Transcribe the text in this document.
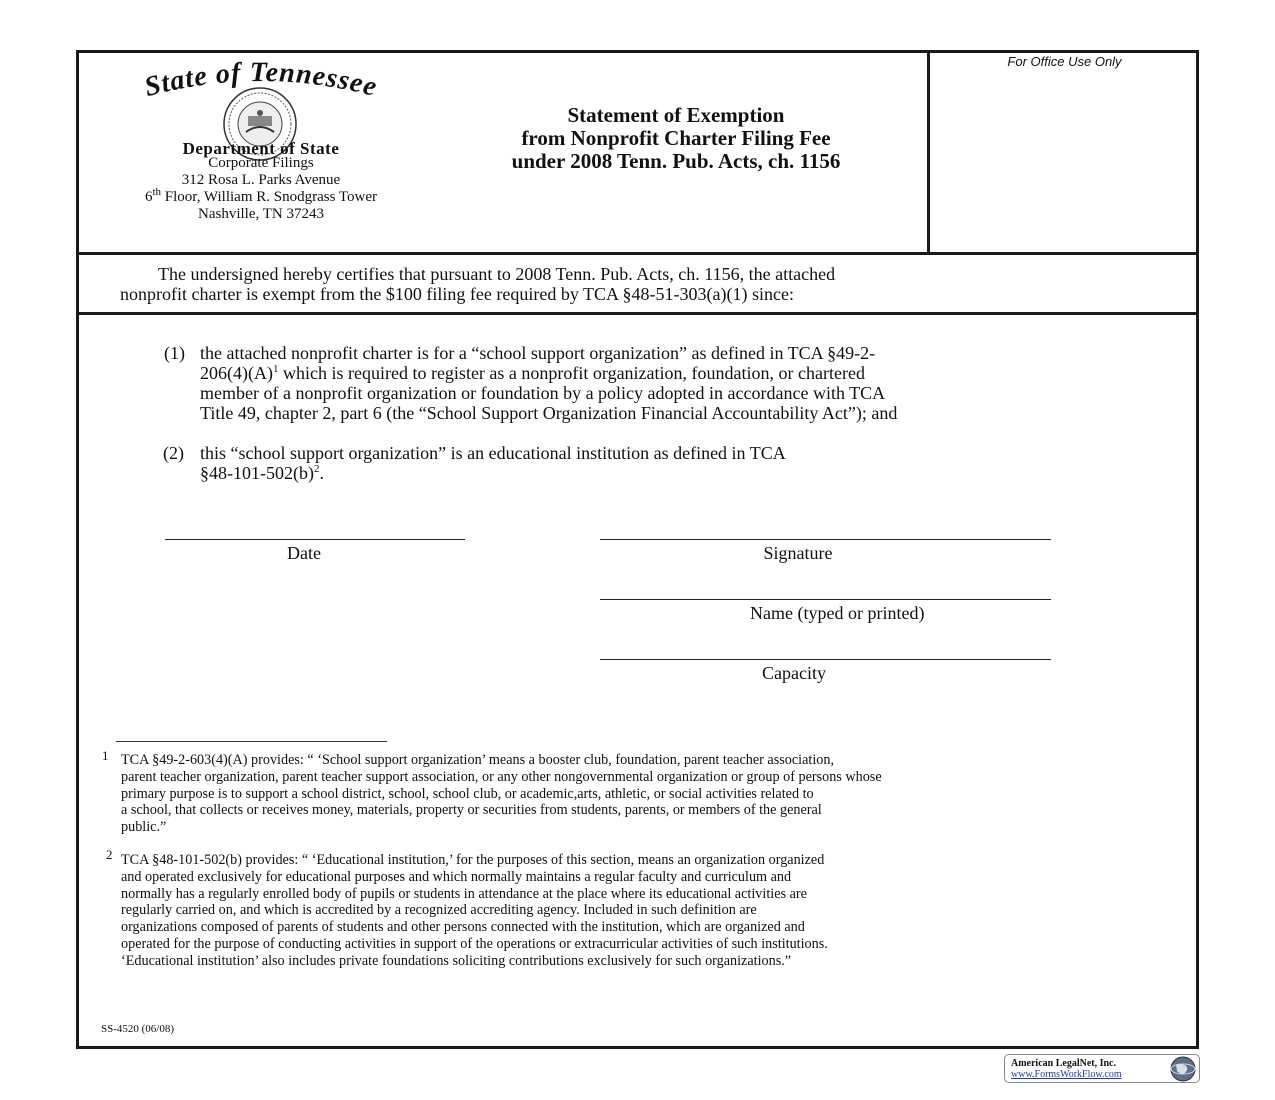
For Office Use Only
State of Tennessee
Department of State
Corporate Filings
312 Rosa L. Parks Avenue
6th Floor, William R. Snodgrass Tower
Nashville, TN 37243
Statement of Exemption
from Nonprofit Charter Filing Fee
under 2008 Tenn. Pub. Acts, ch. 1156
The undersigned hereby certifies that pursuant to 2008 Tenn. Pub. Acts, ch. 1156, the attached
nonprofit charter is exempt from the $100 filing fee required by TCA §48-51-303(a)(1) since:
(1) the attached nonprofit charter is for a “school support organization” as defined in TCA §49-2-
$206(4)(A)^1$ which is required to register as a nonprofit organization, foundation, or chartered
member of a nonprofit organization or foundation by a policy adopted in accordance with TCA
Title 49, chapter 2, part 6 (the “School Support Organization Financial Accountability Act”); and
(2) this “school support organization” is an educational institution as defined in TCA
$\S 48-101-502(b)^2$.
Date	Signature
Name (typed or printed)
Capacity
1 TCA §49-2-603(4)(A) provides: “ ‘School support organization’ means a booster club, foundation, parent teacher association,
parent teacher organization, parent teacher support association, or any other nongovernmental organization or group of persons whose
primary purpose is to support a school district, school, school club, or academic,arts, athletic, or social activities related to
a school, that collects or receives money, materials, property or securities from students, parents, or members of the general
public.”
2 TCA §48-101-502(b) provides: “ ‘Educational institution,’ for the purposes of this section, means an organization organized
and operated exclusively for educational purposes and which normally maintains a regular faculty and curriculum and
normally has a regularly enrolled body of pupils or students in attendance at the place where its educational activities are
regularly carried on, and which is accredited by a recognized accrediting agency. Included in such definition are
organizations composed of parents of students and other persons connected with the institution, which are organized and
operated for the purpose of conducting activities in support of the operations or extracurricular activities of such institutions.
‘Educational institution’ also includes private foundations soliciting contributions exclusively for such organizations.”
SS-4520 (06/08)
American LegalNet, Inc.
www.FormsWorkFlow.com
